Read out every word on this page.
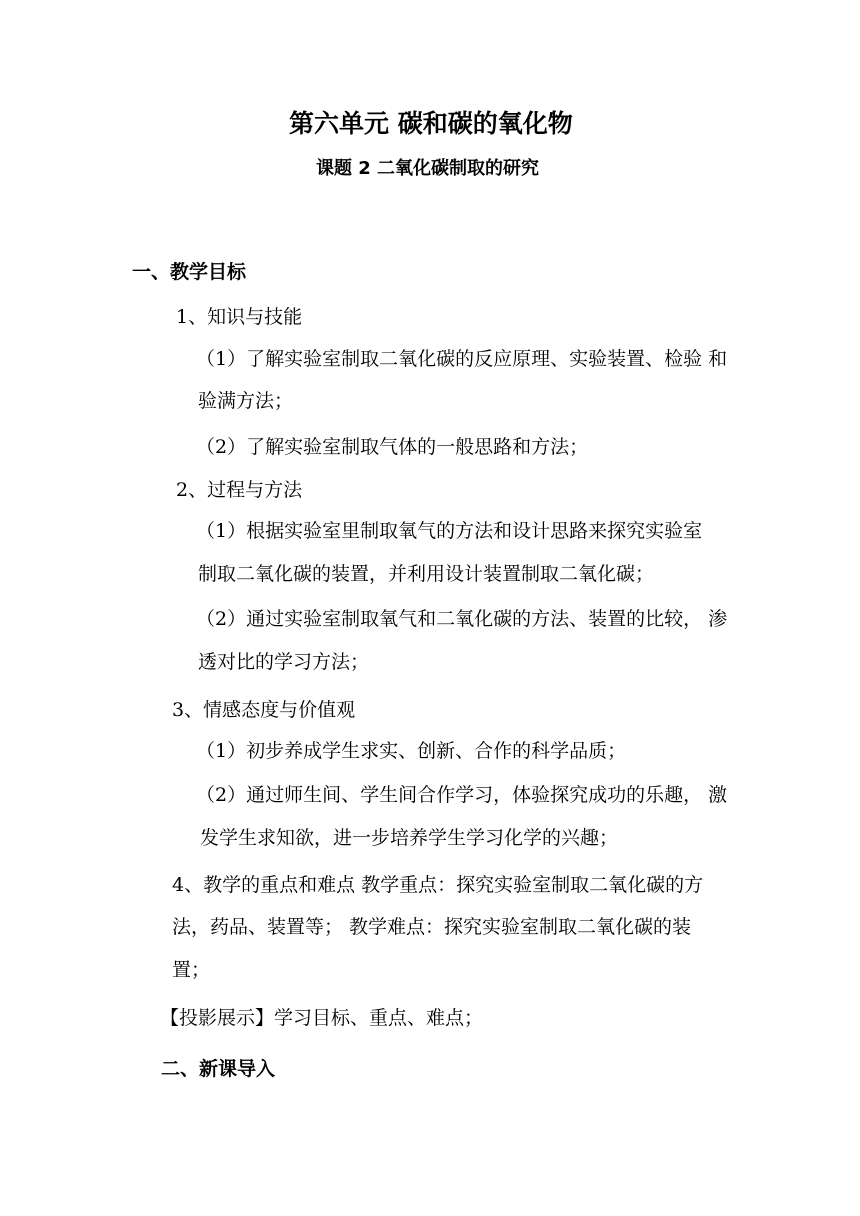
第六单元 碳和碳的氧化物
课题 2 二氧化碳制取的研究
一、教学目标
1、知识与技能
（1）了解实验室制取二氧化碳的反应原理、实验装置、检验 和
验满方法；
（2）了解实验室制取气体的一般思路和方法；
2、过程与方法
（1）根据实验室里制取氧气的方法和设计思路来探究实验室
制取二氧化碳的装置，并利用设计装置制取二氧化碳；
（2）通过实验室制取氧气和二氧化碳的方法、装置的比较， 渗
透对比的学习方法；
3、情感态度与价值观
（1）初步养成学生求实、创新、合作的科学品质；
（2）通过师生间、学生间合作学习，体验探究成功的乐趣， 激
发学生求知欲，进一步培养学生学习化学的兴趣；
4、教学的重点和难点 教学重点：探究实验室制取二氧化碳的方
法，药品、装置等； 教学难点：探究实验室制取二氧化碳的装
置；
【投影展示】学习目标、重点、难点；
二、新课导入
